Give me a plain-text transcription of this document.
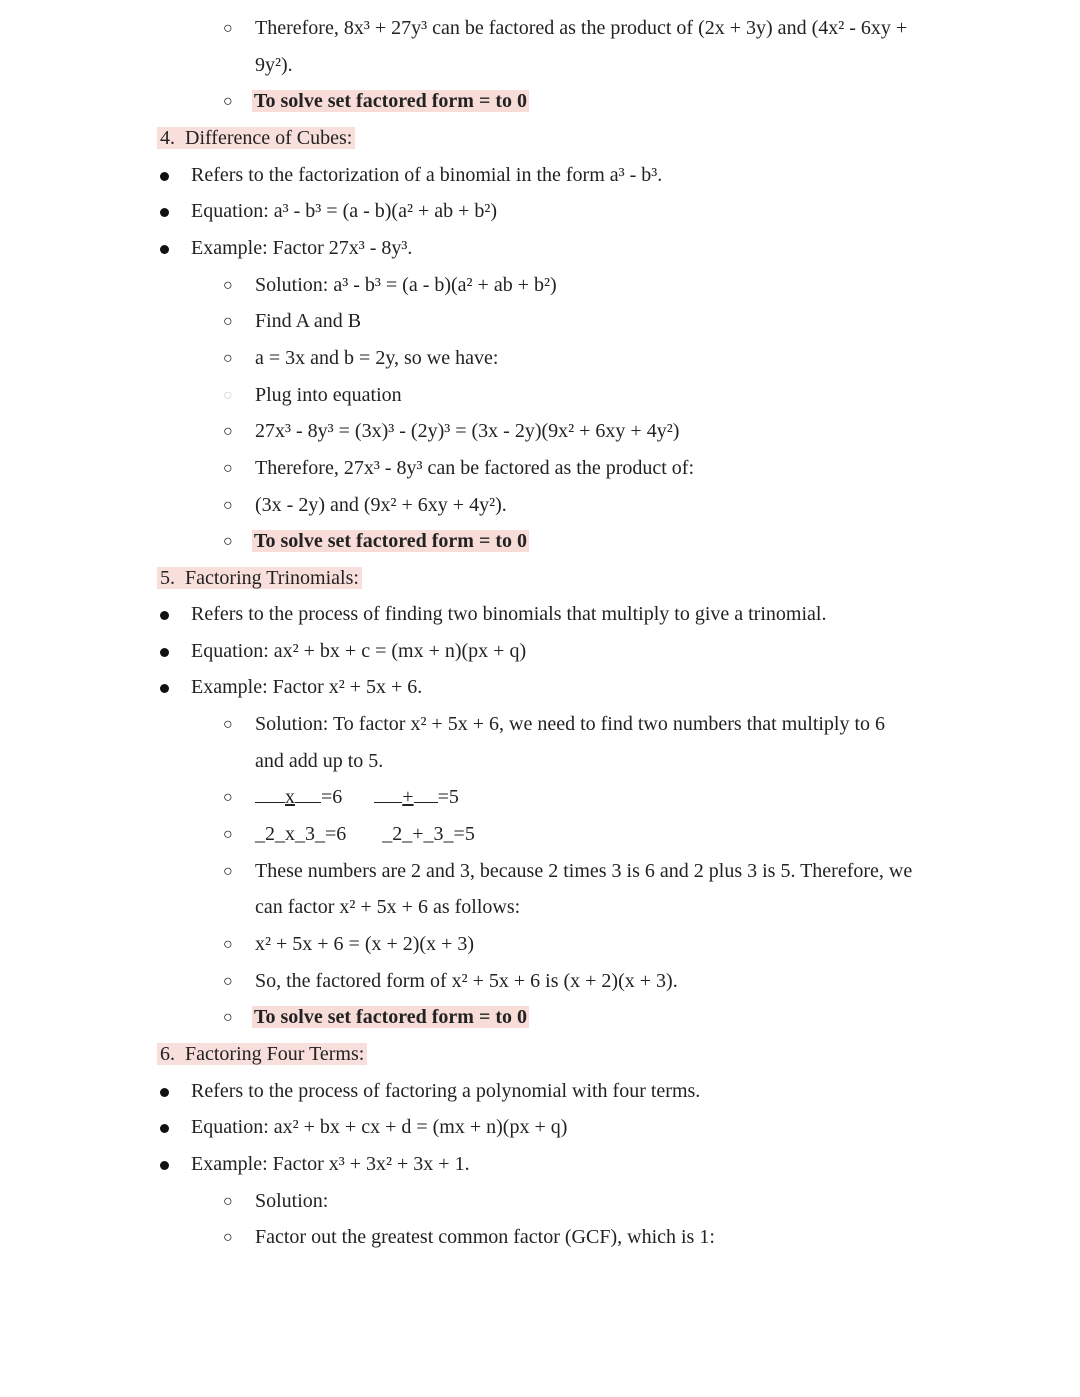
○ Therefore, 8x³ + 27y³ can be factored as the product of (2x + 3y) and (4x² - 6xy +
9y²).
○ To solve set factored form = to 0
4. Difference of Cubes:
Refers to the factorization of a binomial in the form a³ - b³.
Equation: a³ - b³ = (a - b)(a² + ab + b²)
Example: Factor 27x³ - 8y³.
○ Solution: a³ - b³ = (a - b)(a² + ab + b²)
○ Find A and B
○ a = 3x and b = 2y, so we have:
○ Plug into equation
○ 27x³ - 8y³ = (3x)³ - (2y)³ = (3x - 2y)(9x² + 6xy + 4y²)
○ Therefore, 27x³ - 8y³ can be factored as the product of:
○ (3x - 2y) and (9x² + 6xy + 4y²).
○ To solve set factored form = to 0
5. Factoring Trinomials:
Refers to the process of finding two binomials that multiply to give a trinomial.
Equation: ax² + bx + c = (mx + n)(px + q)
Example: Factor x² + 5x + 6.
○ Solution: To factor x² + 5x + 6, we need to find two numbers that multiply to 6
and add up to 5.
○	x =6	+ =5
○ _2_x_3_=6 _2_+_3_=5
○ These numbers are 2 and 3, because 2 times 3 is 6 and 2 plus 3 is 5. Therefore, we
can factor x² + 5x + 6 as follows:
○ x² + 5x + 6 = (x + 2)(x + 3)
○ So, the factored form of x² + 5x + 6 is (x + 2)(x + 3).
○ To solve set factored form = to 0
6. Factoring Four Terms:
Refers to the process of factoring a polynomial with four terms.
Equation: ax² + bx + cx + d = (mx + n)(px + q)
Example: Factor x³ + 3x² + 3x + 1.
○ Solution:
○ Factor out the greatest common factor (GCF), which is 1:
